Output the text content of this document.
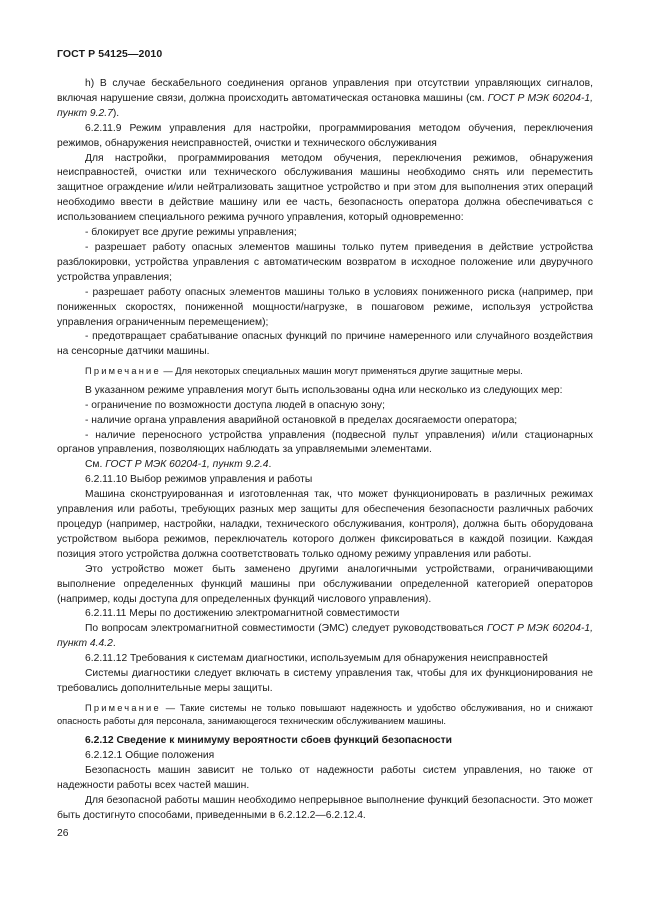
ГОСТ Р 54125—2010

h) В случае бескабельного соединения органов управления при отсутствии управляющих сигналов, включая нарушение связи, должна происходить автоматическая остановка машины (см. ГОСТ Р МЭК 60204-1, пункт 9.2.7).

6.2.11.9 Режим управления для настройки, программирования методом обучения, переключения режимов, обнаружения неисправностей, очистки и технического обслуживания

Для настройки, программирования методом обучения, переключения режимов, обнаружения неисправностей, очистки или технического обслуживания машины необходимо снять или переместить защитное ограждение и/или нейтрализовать защитное устройство и при этом для выполнения этих операций необходимо ввести в действие машину или ее часть, безопасность оператора должна обеспечиваться с использованием специального режима ручного управления, который одновременно:

- блокирует все другие режимы управления;

- разрешает работу опасных элементов машины только путем приведения в действие устройства разблокировки, устройства управления с автоматическим возвратом в исходное положение или двуручного устройства управления;

- разрешает работу опасных элементов машины только в условиях пониженного риска (например, при пониженных скоростях, пониженной мощности/нагрузке, в пошаговом режиме, используя устройства управления ограниченным перемещением);

- предотвращает срабатывание опасных функций по причине намеренного или случайного воздействия на сенсорные датчики машины.

Примечание — Для некоторых специальных машин могут применяться другие защитные меры.

В указанном режиме управления могут быть использованы одна или несколько из следующих мер:

- ограничение по возможности доступа людей в опасную зону;

- наличие органа управления аварийной остановкой в пределах досягаемости оператора;

- наличие переносного устройства управления (подвесной пульт управления) и/или стационарных органов управления, позволяющих наблюдать за управляемыми элементами.

См. ГОСТ Р МЭК 60204-1, пункт 9.2.4.

6.2.11.10 Выбор режимов управления и работы

Машина сконструированная и изготовленная так, что может функционировать в различных режимах управления или работы, требующих разных мер защиты для обеспечения безопасности различных рабочих процедур (например, настройки, наладки, технического обслуживания, контроля), должна быть оборудована устройством выбора режимов, переключатель которого должен фиксироваться в каждой позиции. Каждая позиция этого устройства должна соответствовать только одному режиму управления или работы.

Это устройство может быть заменено другими аналогичными устройствами, ограничивающими выполнение определенных функций машины при обслуживании определенной категорией операторов (например, коды доступа для определенных функций числового управления).

6.2.11.11 Меры по достижению электромагнитной совместимости

По вопросам электромагнитной совместимости (ЭМС) следует руководствоваться ГОСТ Р МЭК 60204-1, пункт 4.4.2.

6.2.11.12 Требования к системам диагностики, используемым для обнаружения неисправностей

Системы диагностики следует включать в систему управления так, чтобы для их функционирования не требовались дополнительные меры защиты.

Примечание — Такие системы не только повышают надежность и удобство обслуживания, но и снижают опасность работы для персонала, занимающегося техническим обслуживанием машины.

6.2.12 Сведение к минимуму вероятности сбоев функций безопасности

6.2.12.1 Общие положения

Безопасность машин зависит не только от надежности работы систем управления, но также от надежности работы всех частей машин.

Для безопасной работы машин необходимо непрерывное выполнение функций безопасности. Это может быть достигнуто способами, приведенными в 6.2.12.2—6.2.12.4.

26
